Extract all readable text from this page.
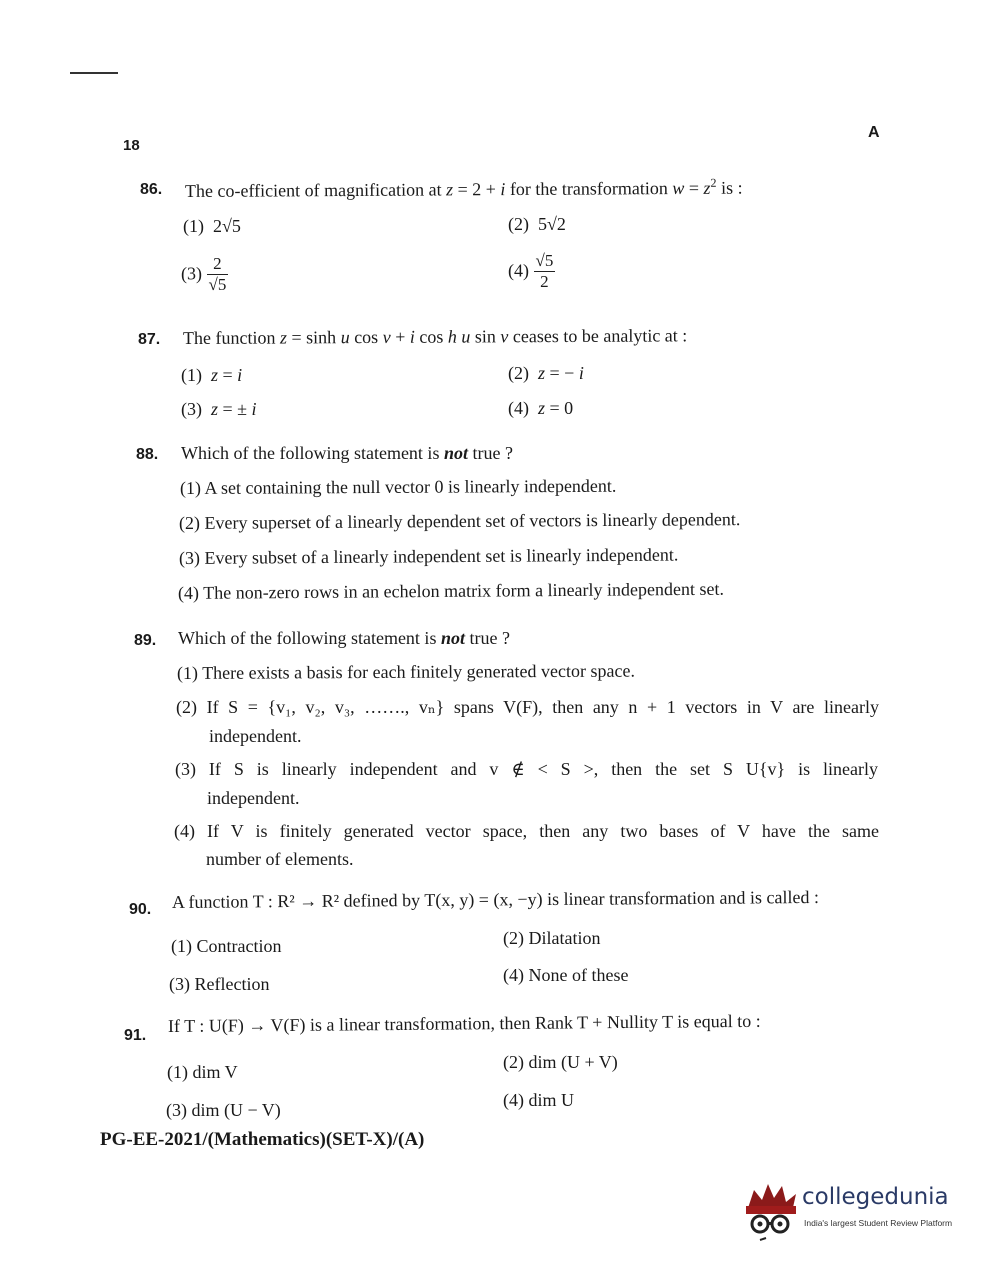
18
A
86. The co-efficient of magnification at z = 2 + i for the transformation $w = z^2$ is :
(1) 2√5	(2) 5√2
$(3) \frac{2}{√5}$	$(4) \frac{√5}{2}$
87. The function z = sinh u cos v + i cos h u sin v ceases to be analytic at :
(1) z = i	(2) z = − i
(3) z = ± i	(4) z = 0
88. Which of the following statement is not true ?
(1) A set containing the null vector 0 is linearly independent.
(2) Every superset of a linearly dependent set of vectors is linearly dependent.
(3) Every subset of a linearly independent set is linearly independent.
(4) The non-zero rows in an echelon matrix form a linearly independent set.
89. Which of the following statement is not true ?
(1) There exists a basis for each finitely generated vector space.
(2) If S = {v₁, v₂, v₃, ……., vₙ} spans V(F), then any n + 1 vectors in V are linearly
independent.
(3) If S is linearly independent and v ∉ < S >, then the set S U{v} is linearly
independent.
(4) If V is finitely generated vector space, then any two bases of V have the same
number of elements.
90. A function T : R² → R² defined by T(x, y) = (x, −y) is linear transformation and is called :
(1) Contraction	(2) Dilatation
(3) Reflection	(4) None of these
91. If T : U(F) → V(F) is a linear transformation, then Rank T + Nullity T is equal to :
(1) dim V	(2) dim (U + V)
(3) dim (U − V)	(4) dim U
PG-EE-2021/(Mathematics)(SET-X)/(A)
collegedunia
India's largest Student Review Platform
